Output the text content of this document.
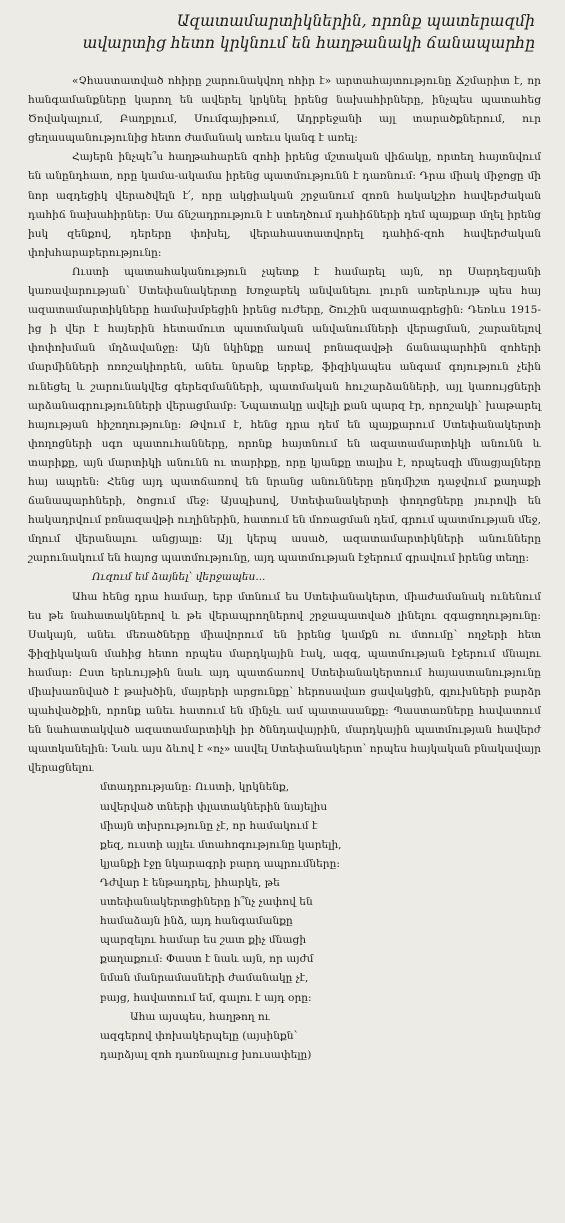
Ազատամարտիկներին, որոնք պատերազմի
ավարտից հետո կրկնում են հաղթանակի ճանապարհը

«Չհաստատված ոհիրը շարունակվող ոհիր է» արտահայտությունը Ճշմարիտ է, որ հանգամանքները կարող են ավերել կրկնել իրենց նախահիրները, ինչպես պատահեց Ծովակալում, Բաղբլում, Սումգայիթում, Ադրբեջանի այլ տարածքներում, ուր ցեղասպանությունից հետո ժամանակ առեւս կանգ է առել:

Հայերն ինչպե՞ս հաղթահարեն զոհի իրենց մշտական վիճակը, որտեղ հայտնվում են անընդհատ, որը կամա-ակամա իրենց պատմությունն է դառնում: Դրա միակ միջոցը մի նոր ազդեցիկ վերածվելն է՛, որը ակցիական շրջանում զոռն հակակշիռ հավերժական դահիճ նախահիրներ: Սա ճնշադրություն է ստեղծում դահիճների դեմ պայքար մղել իրենց իսկ զենքով, դերերը փոխել, վերահաստատվորել դահիճ-զոհ հավերժական փոխհարաբերությունը:

Ուստի պատահականություն չպետք է համարել այն, որ Սարդեզյանի կառավարության՝ Ստեփանակերտը Խոջաբեկ անվանելու լուրն առերևույթ պես հայ ազատամարտիկները համախմբեցին իրենց ուժերը, Շուշին ազատագրեցին: Դեռևս 1915-ից ի վեր է հայերին հետամուտ պատմական անվանումների վերացման, շարանելով փոփոխման մղձավանջը: Այն նկինքը առավ բոնազավթի ճանապարհին զոհերի մարմինների ոռոշակիորեն, անեւ նրանք երբեք, ֆիզիկապես անգամ գոյություն չեին ունեցել և շարունակվեց գերեզմանների, պատմական հուշարձանների, այլ կառույցների արձանագրությունների վերացմամբ: Նպատակը ավելի քան պարզ էր, որոշակի՝ խաթարել հայության հիշողությունը: Թվում է, հենց դրա դեմ են պայքարում Ստեփանակերտի փողոցների սգո պատուհանները, որոնք հայտնում են ազատամարտիկի անունն և տարիքը, այն մարտիկի անունն ու տարիքը, որը կյանքը տալիս է, որպեսզի մնացյալները հայ ապրեն: Հենց այդ պատճառով են նրանց անունները ընդմիշտ դաջվում քաղաքի ճանապարհների, ծոցում մեջ: Այսպիսով, Ստեփանակերտի փողոցները յուրովի են հակադրվում բռնազավթի ուղիներին, հատում են մոռացման դեմ, գրում պատմության մեջ, մղում վերանալու անցյալը: Այլ կերպ ասած, ազատամարտիկների անունները շարունակում են հայոց պատմությունը, այդ պատմության էջերում գրավում իրենց տեղը:

Ուզում եմ ձայնել՝ վերջապես...

Ահա հենց դրա համար, երբ մտնում ես Ստեփանակերտ, միաժամանակ ունենում ես թե նահատակներով և թե վերապրողներով շրջապատված լինելու զգացողությունը: Սակայն, անեւ մեռածները միավորում են իրենց կամքն ու մտումը՝ ողջերի հետ ֆիզիկական մահից հետո որպես մարդկային էակ, ազգ, պատմության էջերում մնալու համար: Ըստ երևույթին նաև այդ պատճառով Ստեփանակերտում հայաստանությունը միախառնված է թախծին, մայրերի արցունքը՝ հերոսավառ ցավակցին, գլուխների բարձր պահվածքին, որոնք անեւ հատում են մինչև ամ պատասանքը: Պաստառները հավատում են նահատակված ազատամարտիկի իր ծննդավայրին, մարդկային պատմության հավերժ պատկանելին: Նաև այս ձևով է «ոչ» ասվել Ստեփանակերտ՝ որպես հայկական բնակավայր վերացնելու

մտադրությանը: Ուստի, կրկնենք,

ավերված տների փլատակներին նայելիս

միայն տխրությունը չէ, որ համակում է

քեզ, ուստի այլեւ մտահոգությունը կարելի,

կյանքի էջը նկարագրի բարդ ապրումները:

Դժվար է ենթադրել, իհարկե, թե

ստեփանակերտցիները ի՞նչ չափով են

համաձայն ինձ, այդ հանգամանքը

պարզելու համար ես շատ քիչ մնացի

քաղաքում: Փաստ է նաև այն, որ այժմ

նման մանրամասների ժամանակը չէ,

բայց, հավատում եմ, գալու է այդ օրը:

Ահա այսպես, հաղթող ու

ազգերով փոխակերպելը (այսինքն՝

դարձյալ զոհ դառնալուց խուսափելը)
